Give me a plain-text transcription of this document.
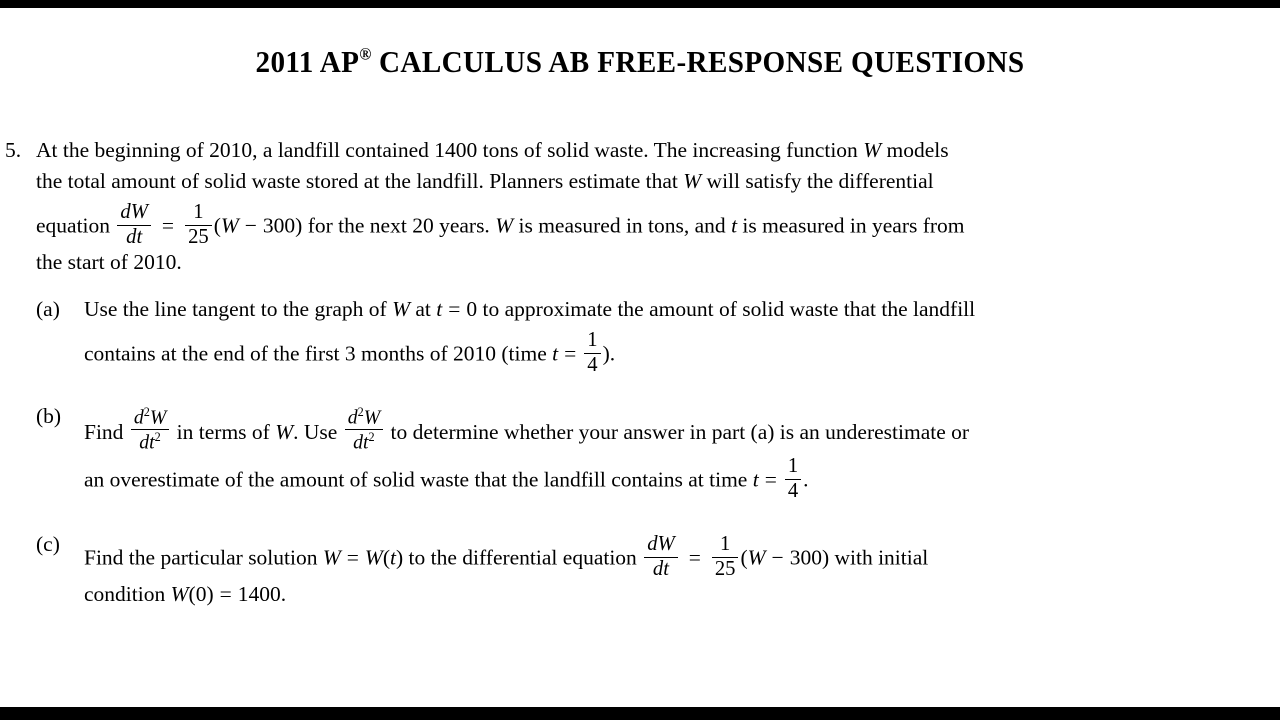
2011 AP® CALCULUS AB FREE-RESPONSE QUESTIONS
5. At the beginning of 2010, a landfill contained 1400 tons of solid waste. The increasing function W models
the total amount of solid waste stored at the landfill. Planners estimate that W will satisfy the differential
equation $\frac{dW}{dt} = \frac{1}{25} (W - 300)$ for the next 20 years. W is measured in tons, and t is measured in years from
the start of 2010.
(a)	Use the line tangent to the graph of W at t = 0 to approximate the amount of solid waste that the landfill
contains at the end of the first 3 months of 2010 (time $t = \frac{1}{4}$ ).
(b)
Find $\frac{d^2W}{dt^2}$ in terms of W. Use $\frac{d^2W}{dt^2}$ to determine whether your answer in part (a) is an underestimate or
an overestimate of the amount of solid waste that the landfill contains at time $t = \frac{1}{4}$ .
(c)
Find the particular solution W = W(t) to the differential equation $\frac{dW}{dt} = \frac{1}{25} (W - 300)$ with initial
condition W(0) = 1400.
